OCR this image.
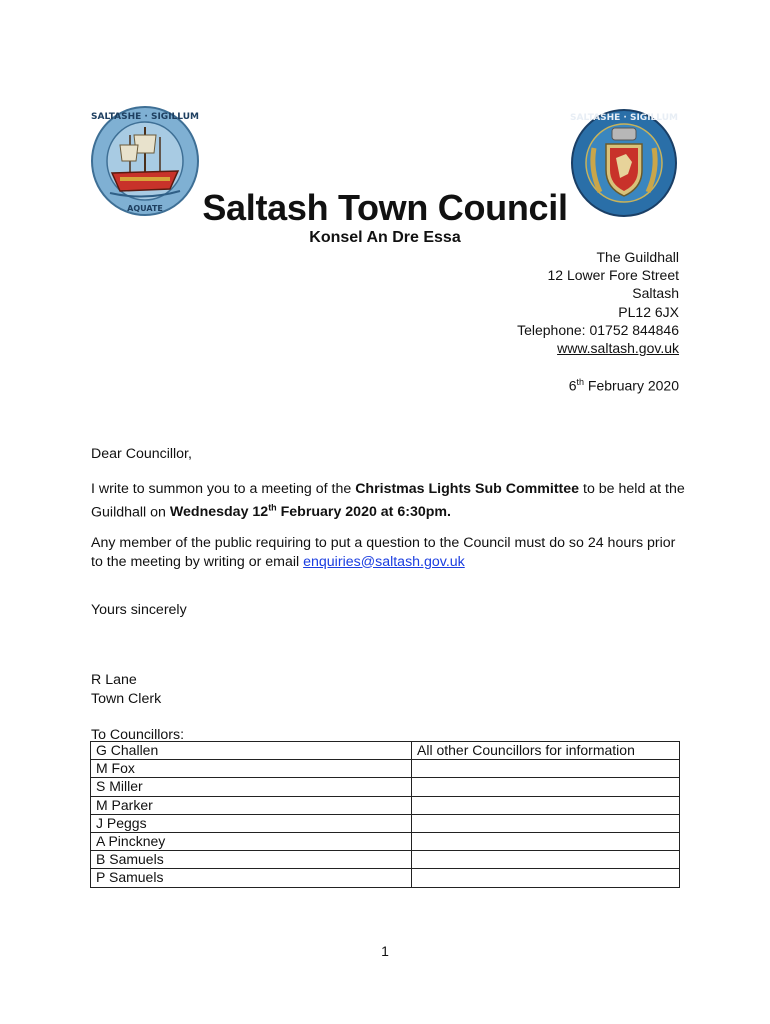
SALTASHE · SIGILLUM
AQUATE
SALTASHE · SIGILLUM
Saltash Town Council
Konsel An Dre Essa
The Guildhall
12 Lower Fore Street
Saltash
PL12 6JX
Telephone: 01752 844846
www.saltash.gov.uk
6th February 2020
Dear Councillor,
I write to summon you to a meeting of the Christmas Lights Sub Committee to be held at the Guildhall on Wednesday 12th February 2020 at 6:30pm.
Any member of the public requiring to put a question to the Council must do so 24 hours prior to the meeting by writing or email enquiries@saltash.gov.uk
Yours sincerely
R Lane
Town Clerk
To Councillors:
G Challen	All other Councillors for information
M Fox	
S Miller	
M Parker	
J Peggs	
A Pinckney	
B Samuels	
P Samuels	
1
